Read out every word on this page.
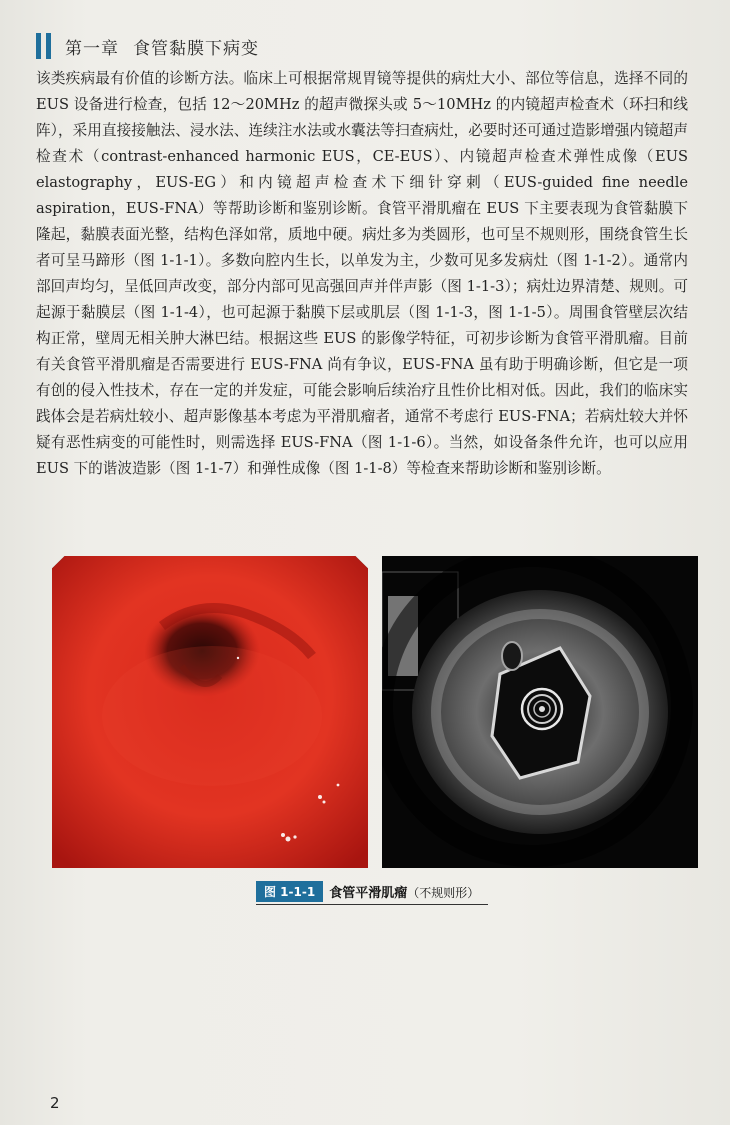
第一章 食管黏膜下病变

该类疾病最有价值的诊断方法。临床上可根据常规胃镜等提供的病灶大小、部位等信息，选择不同的 EUS 设备进行检查，包括 12～20MHz 的超声微探头或 5～10MHz 的内镜超声检查术（环扫和线阵），采用直接接触法、浸水法、连续注水法或水囊法等扫查病灶，必要时还可通过造影增强内镜超声检查术（contrast-enhanced harmonic EUS，CE-EUS）、内镜超声检查术弹性成像（EUS elastography，EUS-EG）和内镜超声检查术下细针穿刺（EUS-guided fine needle aspiration，EUS-FNA）等帮助诊断和鉴别诊断。食管平滑肌瘤在 EUS 下主要表现为食管黏膜下隆起，黏膜表面光整，结构色泽如常，质地中硬。病灶多为类圆形，也可呈不规则形，围绕食管生长者可呈马蹄形（图 1-1-1）。多数向腔内生长，以单发为主，少数可见多发病灶（图 1-1-2）。通常内部回声均匀，呈低回声改变，部分内部可见高强回声并伴声影（图 1-1-3）；病灶边界清楚、规则。可起源于黏膜层（图 1-1-4），也可起源于黏膜下层或肌层（图 1-1-3，图 1-1-5）。周围食管壁层次结构正常，壁周无相关肿大淋巴结。根据这些 EUS 的影像学特征，可初步诊断为食管平滑肌瘤。目前有关食管平滑肌瘤是否需要进行 EUS-FNA 尚有争议，EUS-FNA 虽有助于明确诊断，但它是一项有创的侵入性技术，存在一定的并发症，可能会影响后续治疗且性价比相对低。因此，我们的临床实践体会是若病灶较小、超声影像基本考虑为平滑肌瘤者，通常不考虑行 EUS-FNA；若病灶较大并怀疑有恶性病变的可能性时，则需选择 EUS-FNA（图 1-1-6）。当然，如设备条件允许，也可以应用 EUS 下的谐波造影（图 1-1-7）和弹性成像（图 1-1-8）等检查来帮助诊断和鉴别诊断。

图 1-1-1	食管平滑肌瘤（不规则形）
2
